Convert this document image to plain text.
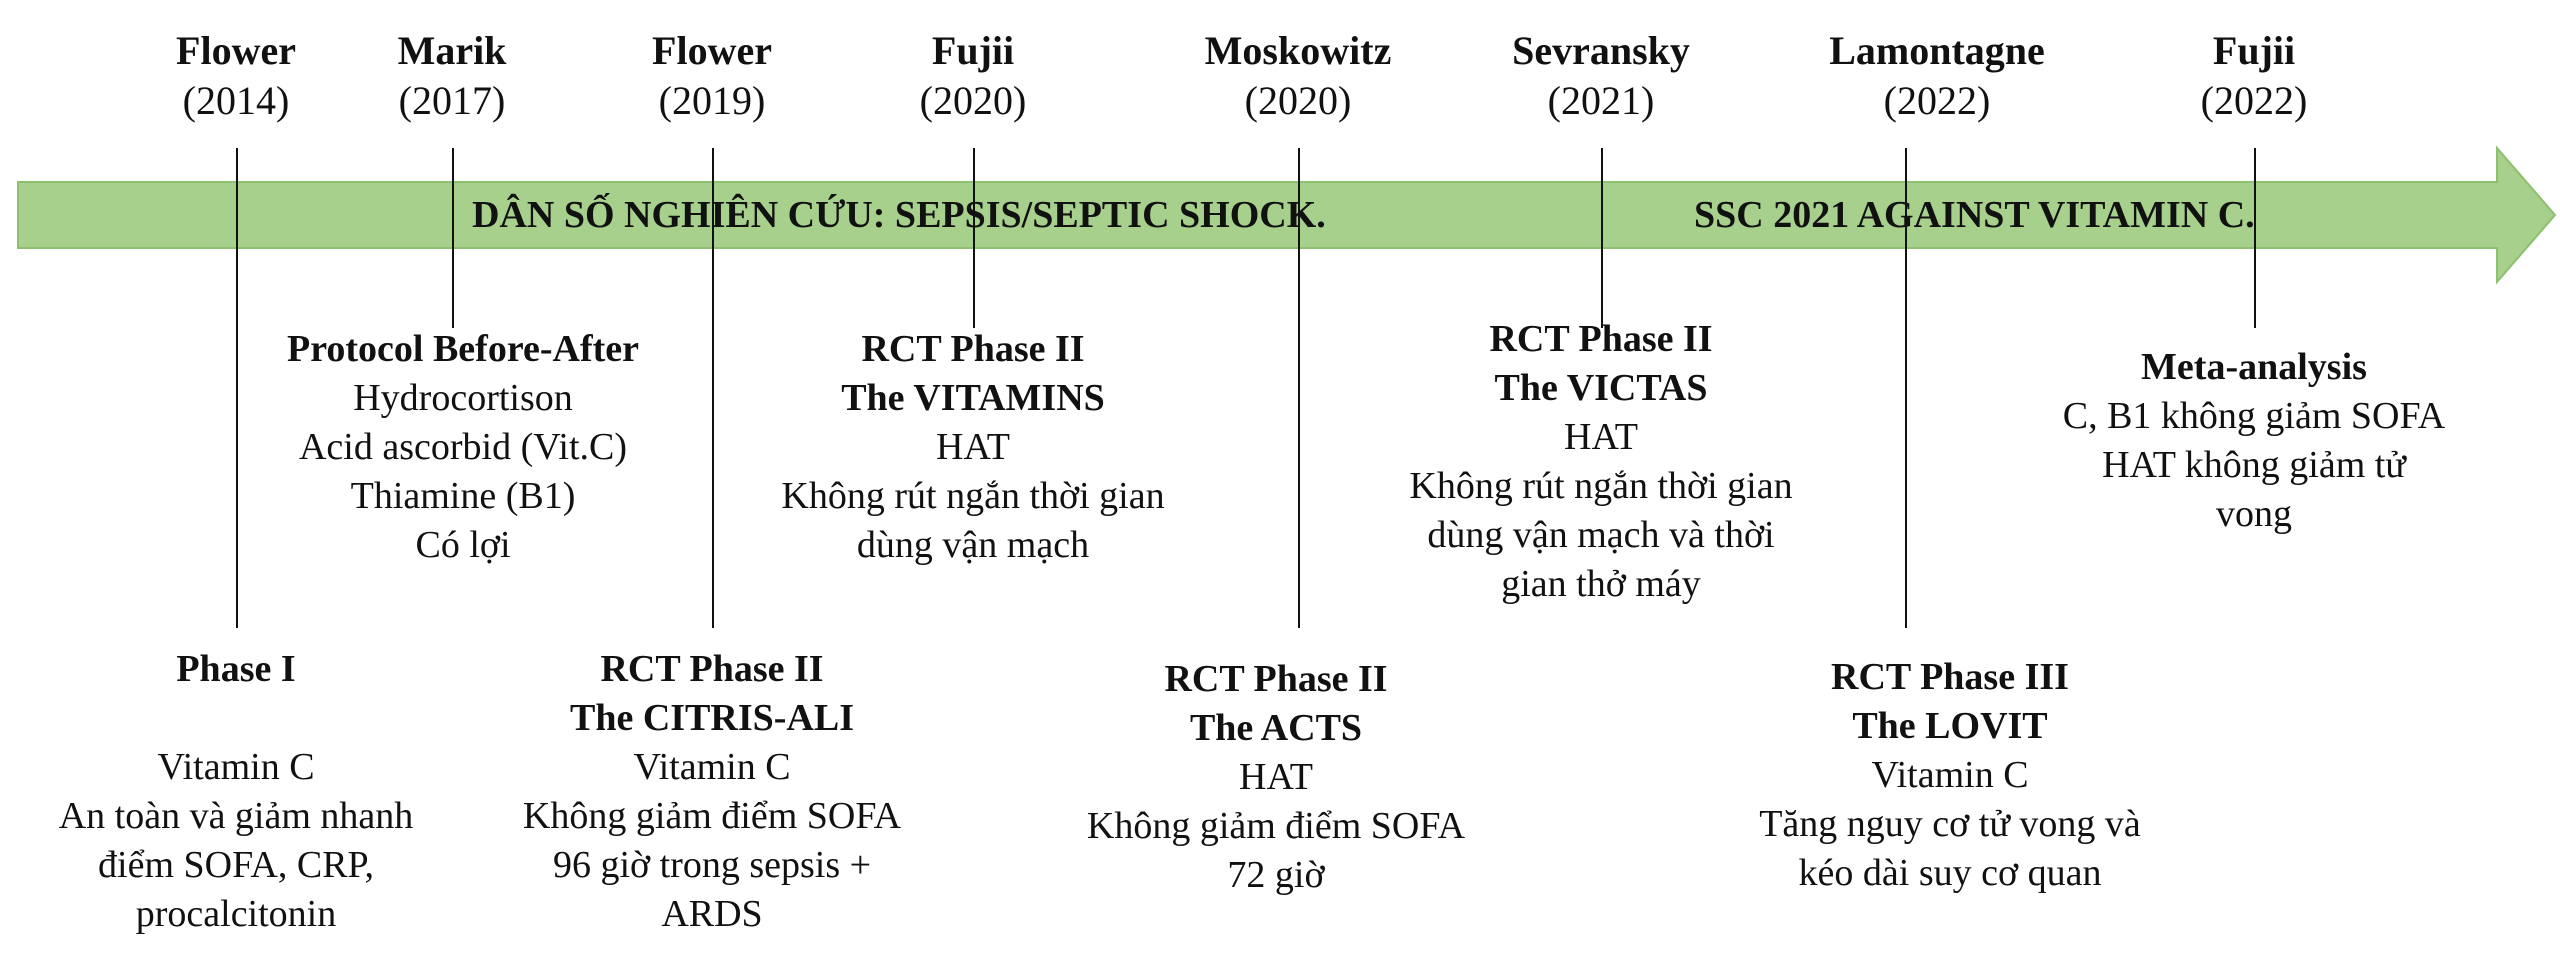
DÂN SỐ NGHIÊN CỨU: SEPSIS/SEPTIC SHOCK.	SSC 2021 AGAINST VITAMIN C.
Flower
(2014)
Marik
(2017)
Flower
(2019)
Fujii
(2020)
Moskowitz
(2020)
Sevransky
(2021)
Lamontagne
(2022)
Fujii
(2022)
Phase I
Vitamin C
An toàn và giảm nhanh
điểm SOFA, CRP,
procalcitonin
Protocol Before-After
Hydrocortison
Acid ascorbid (Vit.C)
Thiamine (B1)
Có lợi
RCT Phase II
The CITRIS-ALI
Vitamin C
Không giảm điểm SOFA
96 giờ trong sepsis +
ARDS
RCT Phase II
The VITAMINS
HAT
Không rút ngắn thời gian
dùng vận mạch
RCT Phase II
The ACTS
HAT
Không giảm điểm SOFA
72 giờ
RCT Phase II
The VICTAS
HAT
Không rút ngắn thời gian
dùng vận mạch và thời
gian thở máy
RCT Phase III
The LOVIT
Vitamin C
Tăng nguy cơ tử vong và
kéo dài suy cơ quan
Meta-analysis
C, B1 không giảm SOFA
HAT không giảm tử
vong
